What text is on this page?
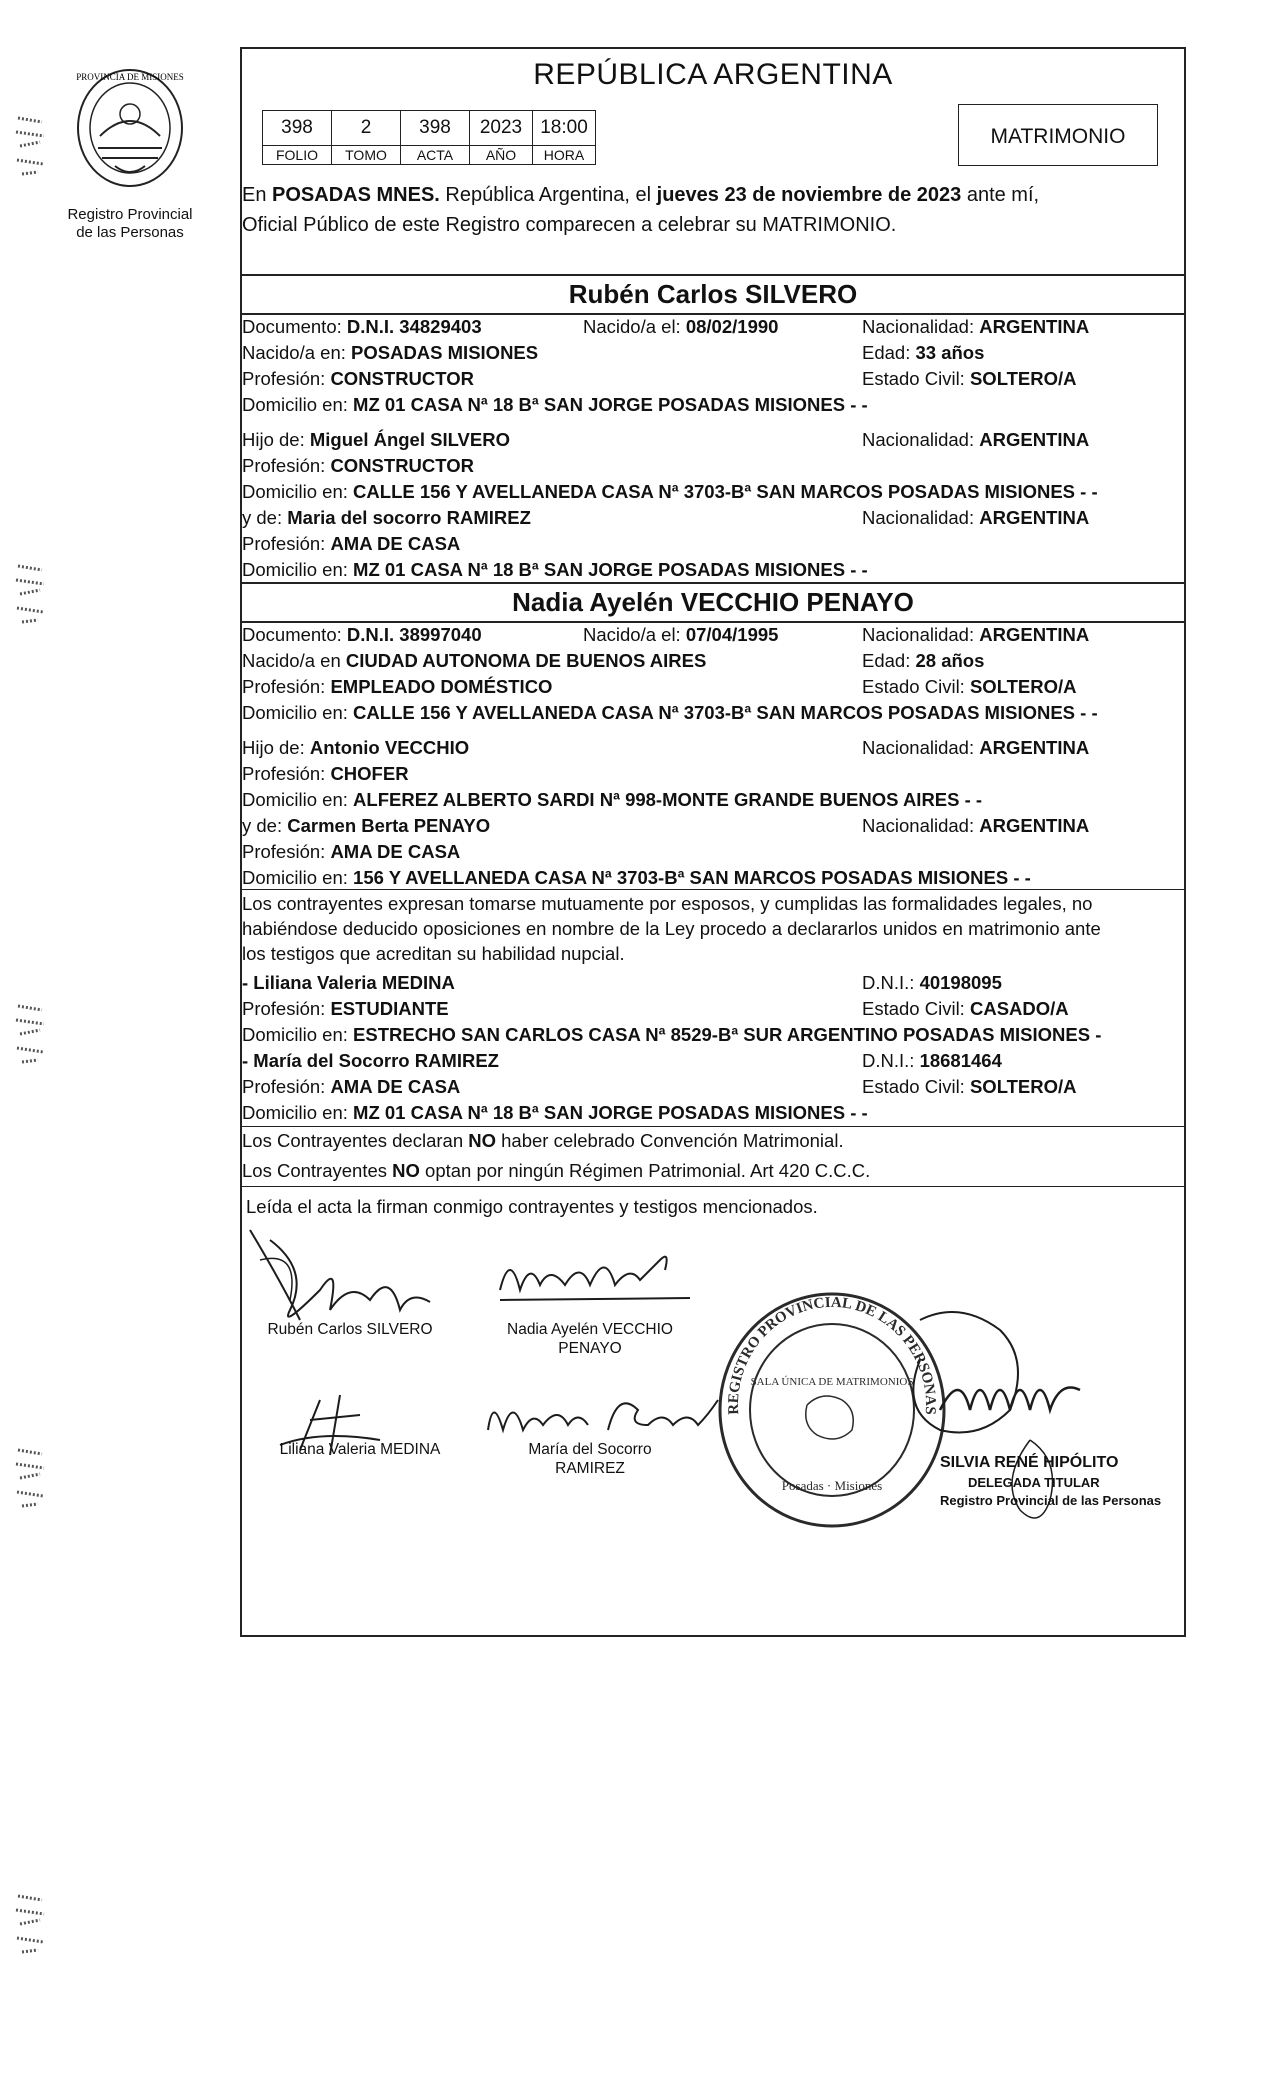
PROVINCIA DE MISIONES
Registro Provincial
de las Personas
REPÚBLICA ARGENTINA
398	2	398	2023	18:00
FOLIO	TOMO	ACTA	AÑO	HORA
MATRIMONIO
En POSADAS MNES. República Argentina, el jueves 23 de noviembre de 2023 ante mí,
Oficial Público de este Registro comparecen a celebrar su MATRIMONIO.
Rubén Carlos SILVERO
Documento: D.N.I. 34829403	Nacido/a el: 08/02/1990	Nacionalidad: ARGENTINA
Nacido/a en: POSADAS MISIONES	Edad: 33 años
Profesión: CONSTRUCTOR	Estado Civil: SOLTERO/A
Domicilio en: MZ 01 CASA Nª 18 Bª SAN JORGE POSADAS MISIONES - -
Hijo de: Miguel Ángel SILVERO	Nacionalidad: ARGENTINA
Profesión: CONSTRUCTOR
Domicilio en: CALLE 156 Y AVELLANEDA CASA Nª 3703-Bª SAN MARCOS POSADAS MISIONES - -
y de: Maria del socorro RAMIREZ	Nacionalidad: ARGENTINA
Profesión: AMA DE CASA
Domicilio en: MZ 01 CASA Nª 18 Bª SAN JORGE POSADAS MISIONES - -
Nadia Ayelén VECCHIO PENAYO
Documento: D.N.I. 38997040	Nacido/a el: 07/04/1995	Nacionalidad: ARGENTINA
Nacido/a en CIUDAD AUTONOMA DE BUENOS AIRES	Edad: 28 años
Profesión: EMPLEADO DOMÉSTICO	Estado Civil: SOLTERO/A
Domicilio en: CALLE 156 Y AVELLANEDA CASA Nª 3703-Bª SAN MARCOS POSADAS MISIONES - -
Hijo de: Antonio VECCHIO	Nacionalidad: ARGENTINA
Profesión: CHOFER
Domicilio en: ALFEREZ ALBERTO SARDI Nª 998-MONTE GRANDE BUENOS AIRES - -
y de: Carmen Berta PENAYO	Nacionalidad: ARGENTINA
Profesión: AMA DE CASA
Domicilio en: 156 Y AVELLANEDA CASA Nª 3703-Bª SAN MARCOS POSADAS MISIONES - -
Los contrayentes expresan tomarse mutuamente por esposos, y cumplidas las formalidades legales, no
habiéndose deducido oposiciones en nombre de la Ley procedo a declararlos unidos en matrimonio ante
los testigos que acreditan su habilidad nupcial.
- Liliana Valeria MEDINA	D.N.I.: 40198095
Profesión: ESTUDIANTE	Estado Civil: CASADO/A
Domicilio en: ESTRECHO SAN CARLOS CASA Nª 8529-Bª SUR ARGENTINO POSADAS MISIONES -
- María del Socorro RAMIREZ	D.N.I.: 18681464
Profesión: AMA DE CASA	Estado Civil: SOLTERO/A
Domicilio en: MZ 01 CASA Nª 18 Bª SAN JORGE POSADAS MISIONES - -
Los Contrayentes declaran NO haber celebrado Convención Matrimonial.
Los Contrayentes NO optan por ningún Régimen Patrimonial. Art 420 C.C.C.
Leída el acta la firman conmigo contrayentes y testigos mencionados.
Rubén Carlos SILVERO	Nadia Ayelén VECCHIO
PENAYO
Liliana Valeria MEDINA	María del Socorro
RAMIREZ
REGISTRO PROVINCIAL DE LAS PERSONAS
SALA ÚNICA DE MATRIMONIOS
Posadas · Misiones
SILVIA RENÉ HIPÓLITO
DELEGADA TITULAR
Registro Provincial de las Personas
